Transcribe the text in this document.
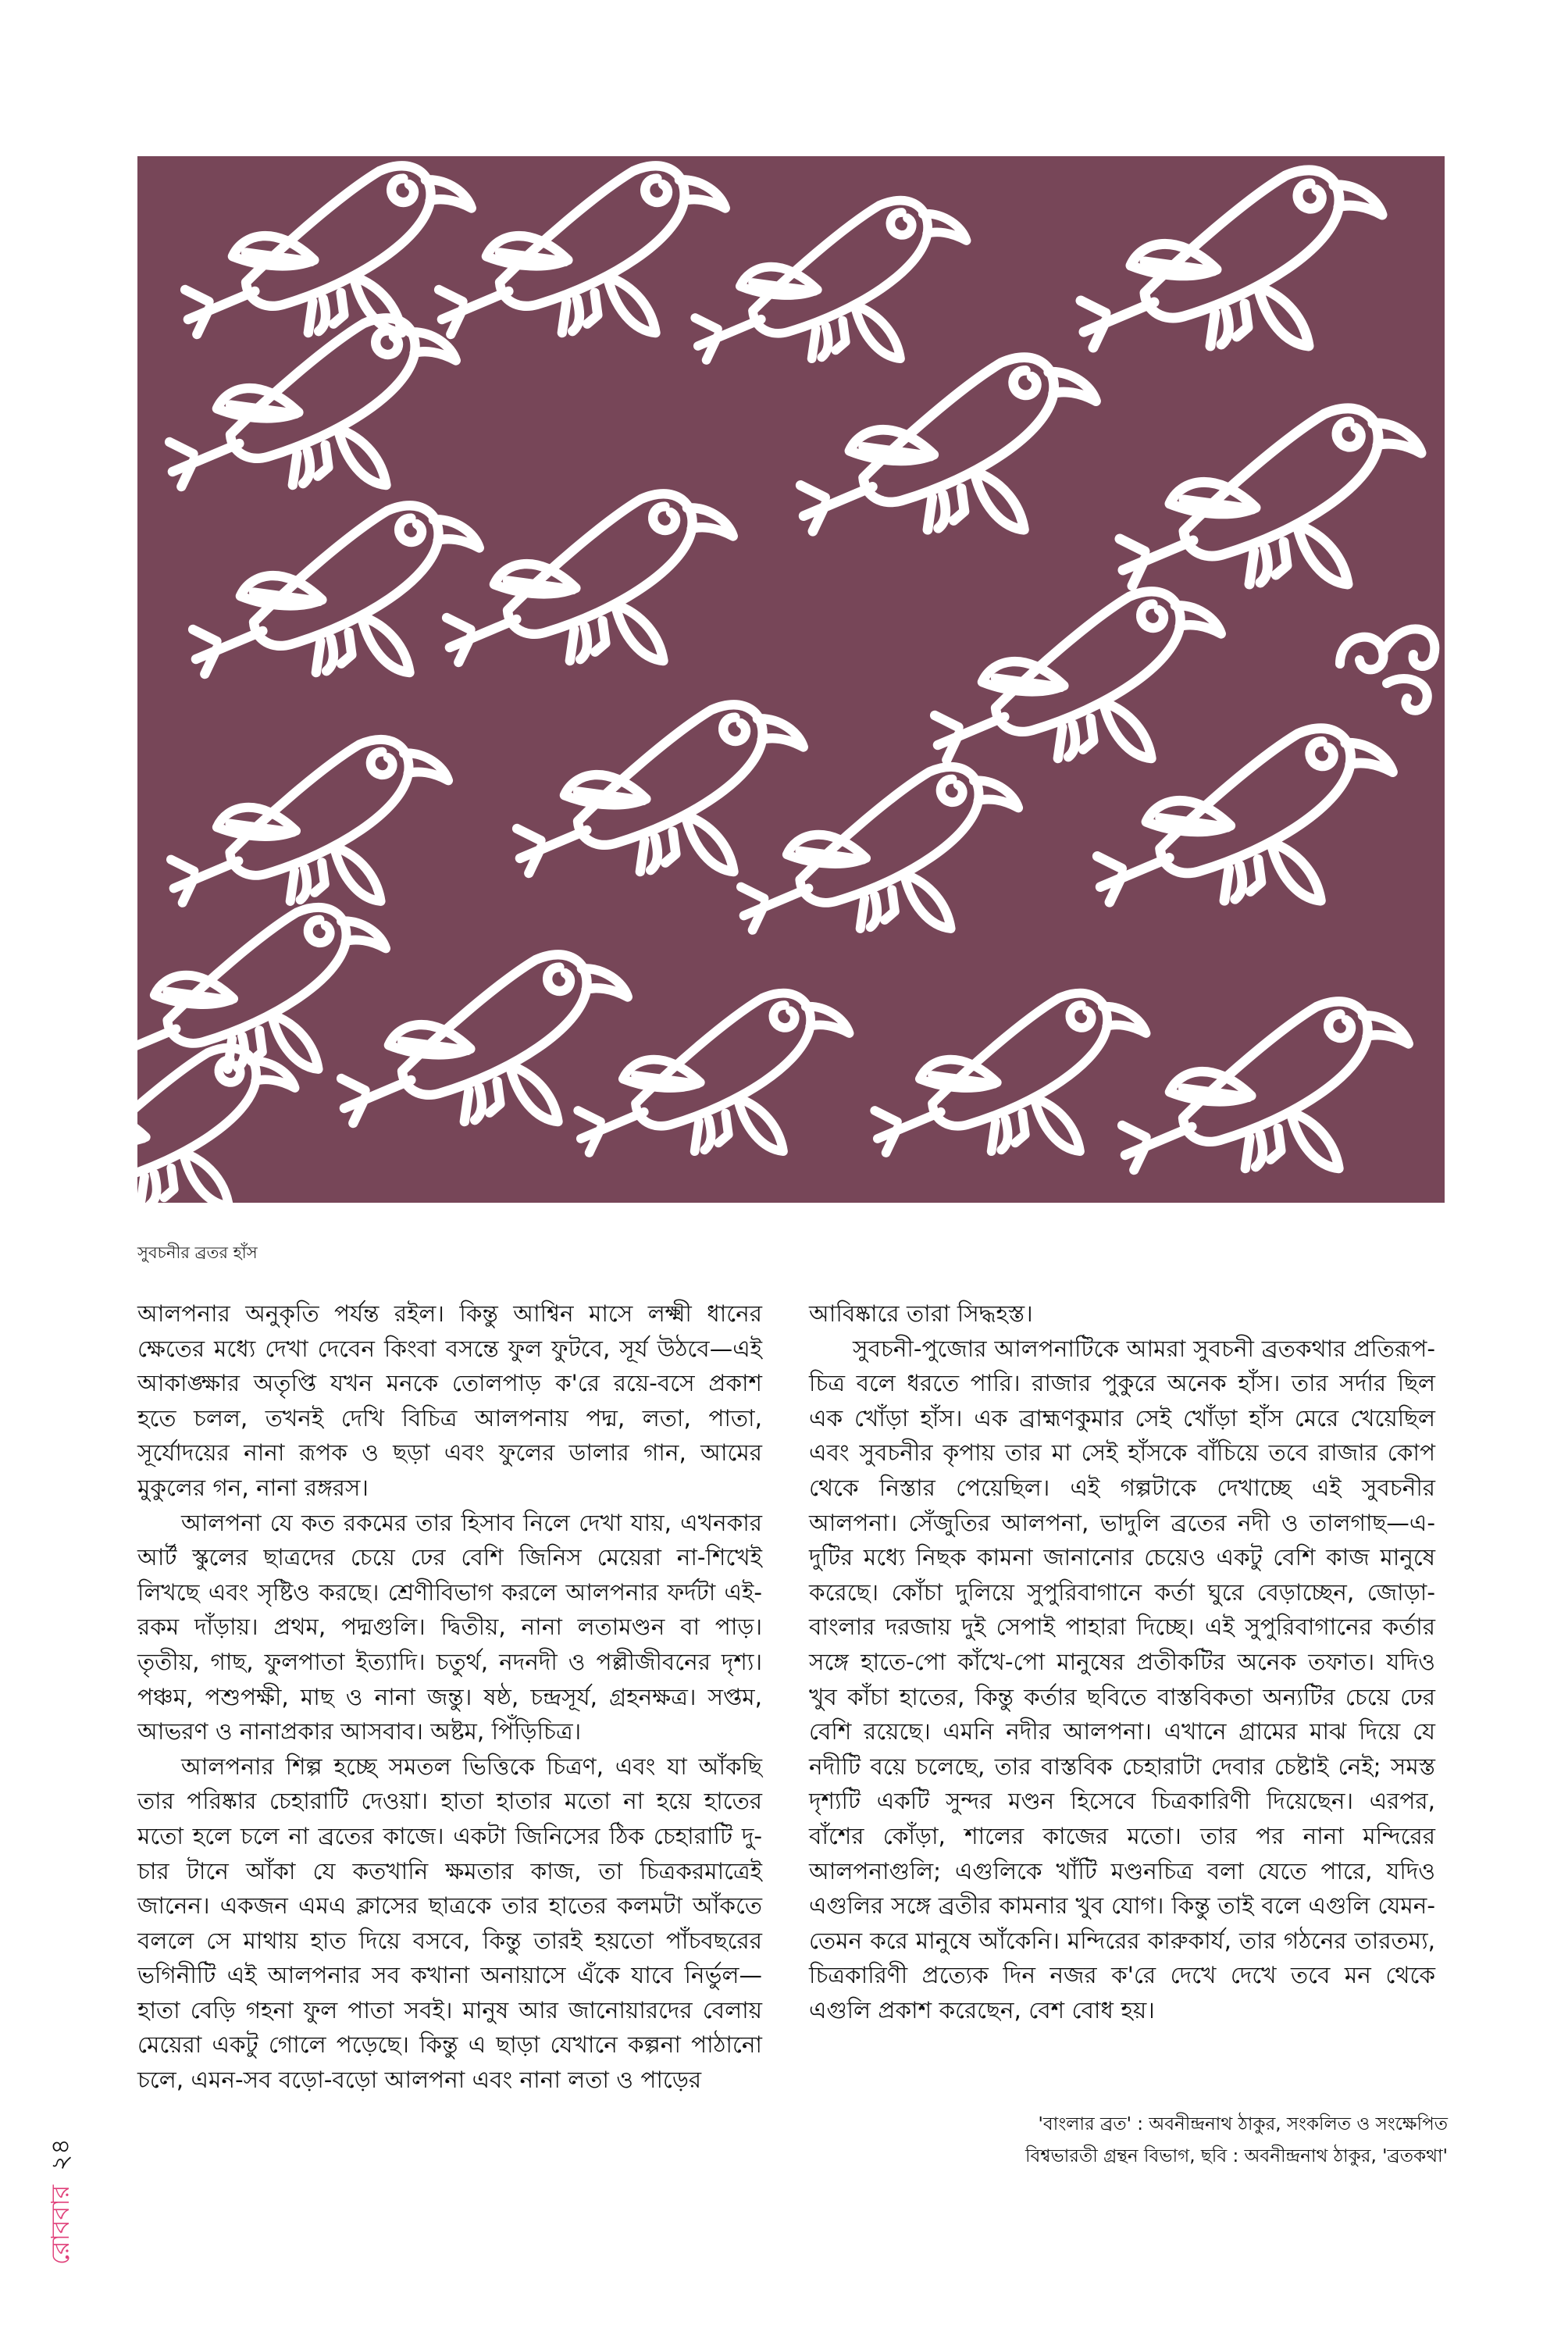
সুবচনীর ব্রতর হাঁস

আলপনার অনুকৃতি পর্যন্ত রইল। কিন্তু আশ্বিন মাসে লক্ষ্মী ধানের ক্ষেতের মধ্যে দেখা দেবেন কিংবা বসন্তে ফুল ফুটবে, সূর্য উঠবে—এই আকাঙ্ক্ষার অতৃপ্তি যখন মনকে তোলপাড় ক'রে রয়ে-বসে প্রকাশ হতে চলল, তখনই দেখি বিচিত্র আলপনায় পদ্ম, লতা, পাতা, সূর্যোদয়ের নানা রূপক ও ছড়া এবং ফুলের ডালার গান, আমের মুকুলের গন, নানা রঙ্গরস।

আলপনা যে কত রকমের তার হিসাব নিলে দেখা যায়, এখনকার আর্ট স্কুলের ছাত্রদের চেয়ে ঢের বেশি জিনিস মেয়েরা না-শিখেই লিখছে এবং সৃষ্টিও করছে। শ্রেণীবিভাগ করলে আলপনার ফর্দটা এই-রকম দাঁড়ায়। প্রথম, পদ্মগুলি। দ্বিতীয়, নানা লতামণ্ডন বা পাড়। তৃতীয়, গাছ, ফুলপাতা ইত্যাদি। চতুর্থ, নদনদী ও পল্লীজীবনের দৃশ্য। পঞ্চম, পশুপক্ষী, মাছ ও নানা জন্তু। ষষ্ঠ, চন্দ্রসূর্য, গ্রহনক্ষত্র। সপ্তম, আভরণ ও নানাপ্রকার আসবাব। অষ্টম, পিঁড়িচিত্র।

আলপনার শিল্প হচ্ছে সমতল ভিত্তিকে চিত্রণ, এবং যা আঁকছি তার পরিষ্কার চেহারাটি দেওয়া। হাতা হাতার মতো না হয়ে হাতের মতো হলে চলে না ব্রতের কাজে। একটা জিনিসের ঠিক চেহারাটি দু-চার টানে আঁকা যে কতখানি ক্ষমতার কাজ, তা চিত্রকরমাত্রেই জানেন। একজন এমএ ক্লাসের ছাত্রকে তার হাতের কলমটা আঁকতে বললে সে মাথায় হাত দিয়ে বসবে, কিন্তু তারই হয়তো পাঁচবছরের ভগিনীটি এই আলপনার সব কখানা অনায়াসে এঁকে যাবে নির্ভুল—হাতা বেড়ি গহনা ফুল পাতা সবই। মানুষ আর জানোয়ারদের বেলায় মেয়েরা একটু গোলে পড়েছে। কিন্তু এ ছাড়া যেখানে কল্পনা পাঠানো চলে, এমন-সব বড়ো-বড়ো আলপনা এবং নানা লতা ও পাড়ের

আবিষ্কারে তারা সিদ্ধহস্ত।

সুবচনী-পুজোর আলপনাটিকে আমরা সুবচনী ব্রতকথার প্রতিরূপ-চিত্র বলে ধরতে পারি। রাজার পুকুরে অনেক হাঁস। তার সর্দার ছিল এক খোঁড়া হাঁস। এক ব্রাহ্মণকুমার সেই খোঁড়া হাঁস মেরে খেয়েছিল এবং সুবচনীর কৃপায় তার মা সেই হাঁসকে বাঁচিয়ে তবে রাজার কোপ থেকে নিস্তার পেয়েছিল। এই গল্পটাকে দেখাচ্ছে এই সুবচনীর আলপনা। সেঁজুতির আলপনা, ভাদুলি ব্রতের নদী ও তালগাছ—এ-দুটির মধ্যে নিছক কামনা জানানোর চেয়েও একটু বেশি কাজ মানুষে করেছে। কোঁচা দুলিয়ে সুপুরিবাগানে কর্তা ঘুরে বেড়াচ্ছেন, জোড়া-বাংলার দরজায় দুই সেপাই পাহারা দিচ্ছে। এই সুপুরিবাগানের কর্তার সঙ্গে হাতে-পো কাঁখে-পো মানুষের প্রতীকটির অনেক তফাত। যদিও খুব কাঁচা হাতের, কিন্তু কর্তার ছবিতে বাস্তবিকতা অন্যটির চেয়ে ঢের বেশি রয়েছে। এমনি নদীর আলপনা। এখানে গ্রামের মাঝ দিয়ে যে নদীটি বয়ে চলেছে, তার বাস্তবিক চেহারাটা দেবার চেষ্টাই নেই; সমস্ত দৃশ্যটি একটি সুন্দর মণ্ডন হিসেবে চিত্রকারিণী দিয়েছেন। এরপর, বাঁশের কোঁড়া, শালের কাজের মতো। তার পর নানা মন্দিরের আলপনাগুলি; এগুলিকে খাঁটি মণ্ডনচিত্র বলা যেতে পারে, যদিও এগুলির সঙ্গে ব্রতীর কামনার খুব যোগ। কিন্তু তাই বলে এগুলি যেমন-তেমন করে মানুষে আঁকেনি। মন্দিরের কারুকার্য, তার গঠনের তারতম্য, চিত্রকারিণী প্রত্যেক দিন নজর ক'রে দেখে দেখে তবে মন থেকে এগুলি প্রকাশ করেছেন, বেশ বোধ হয়।

'বাংলার ব্রত' : অবনীন্দ্রনাথ ঠাকুর, সংকলিত ও সংক্ষেপিত
বিশ্বভারতী গ্রন্থন বিভাগ, ছবি : অবনীন্দ্রনাথ ঠাকুর, 'ব্রতকথা'
রোববার২৪
